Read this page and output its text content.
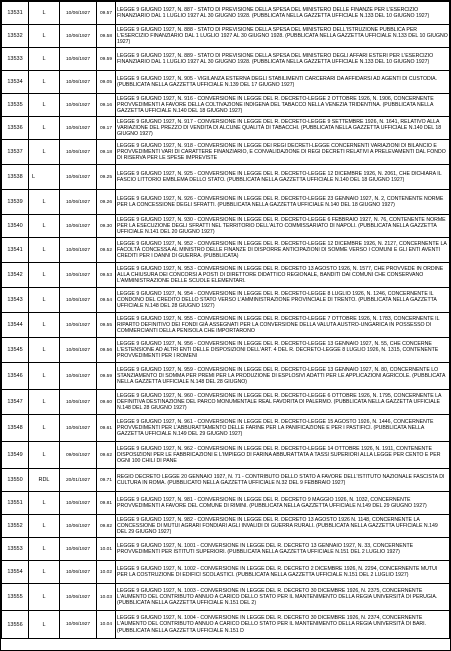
13531	L	10/06/1927	09.57	LEGGE 9 GIUGNO 1927, N. 887 - STATO DI PREVISIONE DELLA SPESA DEL MINISTERO DELLE FINANZE PER L'ESERCIZIO FINANZIARIO DAL 1 LUGLIO 1927 AL 30 GIUGNO 1928. (PUBBLICATA NELLA GAZZETTA UFFICIALE N.133 DEL 10 GIUGNO 1927)
13532	L	10/06/1927	09.58	LEGGE 9 GIUGNO 1927, N. 888 - STATO DI PREVISIONE DELLA SPESA DEL MINISTERO DELL'ISTRUZIONE PUBBLICA PER L'ESERCIZIO FINANZIARIO DAL 1 LUGLIO 1927 AL 30 GIUGNO 1928. (PUBBLICATA NELLA GAZZETTA UFFICIALE N.133 DEL 10 GIUGNO 1927)
13533	L	10/06/1927	09.59	LEGGE 9 GIUGNO 1927, N. 889 - STATO DI PREVISIONE DELLA SPESA DEL MINISTERO DEGLI AFFARI ESTERI PER L'ESERCIZIO FINANZIARIO DAL 1 LUGLIO 1927 AL 30 GIUGNO 1928. (PUBBLICATA NELLA GAZZETTA UFFICIALE N.133 DEL 10 GIUGNO 1927)
13534	L	10/06/1927	09.05	LEGGE 9 GIUGNO 1927, N. 905 - VIGILANZA ESTERNA DEGLI STABILIMENTI CARCERARI DA AFFIDARSI AD AGENTI DI CUSTODIA. (PUBBLICATA NELLA GAZZETTA UFFICIALE N.139 DEL 17 GIUGNO 1927)
13535	L	10/06/1927	09.16	LEGGE 9 GIUGNO 1927, N. 916 - CONVERSIONE IN LEGGE DEL R. DECRETO-LEGGE 2 OTTOBRE 1926, N. 1906, CONCERNENTE PROVVEDIMENTI A FAVORE DELLA COLTIVAZIONE INDIGENA DEL TABACCO NELLA VENEZIA TRIDENTINA. (PUBBLICATA NELLA GAZZETTA UFFICIALE N.140 DEL 18 GIUGNO 1927)
13536	L	10/06/1927	09.17	LEGGE 9 GIUGNO 1927, N. 917 - CONVERSIONE IN LEGGE DEL R. DECRETO-LEGGE 9 SETTEMBRE 1926, N. 1641, RELATIVO ALLA VARIAZIONE DEL PREZZO DI VENDITA DI ALCUNE QUALITÀ DI TABACCHI. (PUBBLICATA NELLA GAZZETTA UFFICIALE N.140 DEL 18 GIUGNO 1927)
13537	L	10/06/1927	09.18	LEGGE 9 GIUGNO 1927, N. 918 - CONVERSIONE IN LEGGE DEI REGI DECRETI-LEGGE CONCERNENTI VARIAZIONI DI BILANCIO E PROVVEDIMENTI VARI DI CARATTERE FINANZIARIO, E CONVALIDAZIONE DI REGI DECRETI RELATIVI A PRELEVAMENTI DAL FONDO DI RISERVA PER LE SPESE IMPREVISTE
13538	L	10/06/1927	09.25	LEGGE 9 GIUGNO 1927, N. 925 - CONVERSIONE IN LEGGE DEL R. DECRETO-LEGGE 12 DICEMBRE 1926, N. 2061, CHE DICHIARA IL FASCIO LITTORIO EMBLEMA DELLO STATO. (PUBBLICATA NELLA GAZZETTA UFFICIALE N.140 DEL 18 GIUGNO 1927)
13539	L	10/06/1927	09.26	LEGGE 9 GIUGNO 1927, N. 926 - CONVERSIONE IN LEGGE DEL R. DECRETO-LEGGE 23 GENNAIO 1927, N. 2, CONTENENTE NORME PER LA CONCESSIONE DEGLI SFRATTI. (PUBBLICATA NELLA GAZZETTA UFFICIALE N.140 DEL 18 GIUGNO 1927)
13540	L	10/06/1927	09.30	LEGGE 9 GIUGNO 1927, N. 930 - CONVERSIONE IN LEGGE DEL R. DECRETO-LEGGE 6 FEBBRAIO 1927, N. 76, CONTENENTE NORME PER LA ESECUZIONE DEGLI SFRATTI NEL TERRITORIO DELL'ALTO COMMISSARIATO DI NAPOLI. (PUBBLICATA NELLA GAZZETTA UFFICIALE N.141 DEL 20 GIUGNO 1927)
13541	L	10/06/1927	09.52	LEGGE 9 GIUGNO 1927, N. 952 - CONVERSIONE IN LEGGE DEL R. DECRETO-LEGGE 12 DICEMBRE 1926, N. 2127, CONCERNENTE LA FACOLTÀ CONCESSA AL MINISTRO DELLE FINANZE DI DISPORRE ANTICIPAZIONI DI SOMME VERSO I COMUNI E GLI ENTI AVENTI CREDITI PER I DANNI DI GUERRA. (PUBBLICATA)
13542	L	10/06/1927	09.53	LEGGE 9 GIUGNO 1927, N. 953 - CONVERSIONE IN LEGGE DEL R. DECRETO 13 AGOSTO 1926, N. 1577, CHE PROVVEDE IN ORDINE ALLA CHIUSURA DEI CONCORSI A POSTI DI DIRETTORE DIDATTICO REGIONALE, BANDITI DAI COMUNI CHE CONSERVANO L'AMMINISTRAZIONE DELLE SCUOLE ELEMENTARI.
13543	L	10/06/1927	09.54	LEGGE 9 GIUGNO 1927, N. 954 - CONVERSIONE IN LEGGE DEL R. DECRETO-LEGGE 8 LUGLIO 1926, N. 1246, CONCERNENTE IL CONDONO DEL CREDITO DELLO STATO VERSO L'AMMINISTRAZIONE PROVINCIALE DI TRENTO. (PUBBLICATA NELLA GAZZETTA UFFICIALE N.148 DEL 28 GIUGNO 1927)
13544	L	10/06/1927	09.55	LEGGE 9 GIUGNO 1927, N. 955 - CONVERSIONE IN LEGGE DEL R. DECRETO-LEGGE 7 OTTOBRE 1926, N. 1783, CONCERNENTE IL RIPARTO DEFINITIVO DEI FONDI GIÀ ASSEGNATI PER LA CONVERSIONE DELLA VALUTA AUSTRO-UNGARICA IN POSSESSO DI COMMERCIANTI DELLA PENISOLA CHE IMPORTARONO
13545	L	10/06/1927	09.56	LEGGE 9 GIUGNO 1927, N. 956 - CONVERSIONE IN LEGGE DEL R. DECRETO-LEGGE 13 GENNAIO 1927, N. 55, CHE CONCERNE L'ESTENSIONE AD ALTRI ENTI DELLE DISPOSIZIONI DELL'ART. 4 DEL R. DECRETO-LEGGE 8 LUGLIO 1926, N. 1315, CONTENENTE PROVVEDIMENTI PER I ROMENI
13546	L	10/06/1927	09.59	LEGGE 9 GIUGNO 1927, N. 959 - CONVERSIONE IN LEGGE DEL R. DECRETO-LEGGE 13 GENNAIO 1927, N. 80, CONCERNENTE LO STANZIAMENTO DI SOMMA PER PREMI PER LA PRODUZIONE DI ESPLOSIVI ADATTI PER LE APPLICAZIONI AGRICOLE. (PUBBLICATA NELLA GAZZETTA UFFICIALE N.148 DEL 28 GIUGNO)
13547	L	10/06/1927	09.60	LEGGE 9 GIUGNO 1927, N. 960 - CONVERSIONE IN LEGGE DEL R. DECRETO-LEGGE 6 OTTOBRE 1926, N. 1795, CONCERNENTE LA DEFINITIVA DESTINAZIONE DEL PARCO MONUMENTALE REAL FAVORITA DI PALERMO. (PUBBLICATA NELLA GAZZETTA UFFICIALE N.148 DEL 28 GIUGNO 1927)
13548	L	10/06/1927	09.61	LEGGE 9 GIUGNO 1927, N. 961 - CONVERSIONE IN LEGGE DEL R. DECRETO-LEGGE 15 AGOSTO 1926, N. 1446, CONCERNENTE PROVVEDIMENTI PER L'ABBURATTAMENTO DELLE FARINE PER LA PANIFICAZIONE E PER I PASTIFICI. (PUBBLICATA NELLA GAZZETTA UFFICIALE N.149 DEL 29 GIUGNO 1927)
13549	L	09/06/1927	09.62	LEGGE 9 GIUGNO 1927, N. 962 - CONVERSIONE IN LEGGE DEL R. DECRETO-LEGGE 14 OTTOBRE 1926, N. 1911, CONTENENTE DISPOSIZIONI PER LE FABBRICAZIONI E L'IMPIEGO DI FARINA ABBURATTATA A TASSI SUPERIORI ALLA LEGGE PER CENTO E PER OGNI 100 CHILI DI PANE
13550	RDL	20/01/1927	09.71	REGIO DECRETO LEGGE 20 GENNAIO 1927, N. 71 - CONTRIBUTO DELLO STATO A FAVORE DELL'ISTITUTO NAZIONALE FASCISTA DI CULTURA IN ROMA. (PUBBLICATO NELLA GAZZETTA UFFICIALE N.32 DEL 9 FEBBRAIO 1927)
13551	L	10/06/1927	09.81	LEGGE 9 GIUGNO 1927, N. 981 - CONVERSIONE IN LEGGE DEL R. DECRETO 9 MAGGIO 1926, N. 1032, CONCERNENTE PROVVEDIMENTI A FAVORE DEL COMUNE DI RIMINI. (PUBBLICATA NELLA GAZZETTA UFFICIALE N.149 DEL 29 GIUGNO 1927)
13552	L	10/06/1927	09.82	LEGGE 9 GIUGNO 1927, N. 982 - CONVERSIONE IN LEGGE DEL R. DECRETO 13 AGOSTO 1926 N. 1148, CONCERNENTE LA CONCESSIONE DI MUTUI AGRARI FONDIARI AGLI INVALIDI DI GUERRA RURALI. (PUBBLICATA NELLA GAZZETTA UFFICIALE N.149 DEL 29 GIUGNO 1927)
13553	L	10/06/1927	10.01	LEGGE 9 GIUGNO 1927, N. 1001 - CONVERSIONE IN LEGGE DEL R. DECRETO 13 GENNAIO 1927, N. 33, CONCERNENTE PROVVEDIMENTI PER ISTITUTI SUPERIORI. (PUBBLICATA NELLA GAZZETTA UFFICIALE N.151 DEL 2 LUGLIO 1927)
13554	L	10/06/1927	10.02	LEGGE 9 GIUGNO 1927, N. 1002 - CONVERSIONE IN LEGGE DEL R. DECRETO 2 DICEMBRE 1926, N. 2294, CONCERNENTE MUTUI PER LA COSTRUZIONE DI EDIFICI SCOLASTICI. (PUBBLICATA NELLA GAZZETTA UFFICIALE N.151 DEL 2 LUGLIO 1927)
13555	L	10/06/1927	10.03	LEGGE 9 GIUGNO 1927, N. 1003 - CONVERSIONE IN LEGGE DEL R. DECRETO 30 DICEMBRE 1926, N. 2375, CONCERNENTE L'AUMENTO DEL CONTRIBUTO ANNUO A CARICO DELLO STATO PER IL MANTENIMENTO DELLA REGIA UNIVERSITÀ DI PERUGIA. (PUBBLICATA NELLA GAZZETTA UFFICIALE N.151 DEL 2)
13556	L	10/06/1927	10.04	LEGGE 9 GIUGNO 1927, N. 1004 - CONVERSIONE IN LEGGE DEL R. DECRETO 30 DICEMBRE 1926, N. 2374, CONCERNENTE L'AUMENTO DEL CONTRIBUTO ANNUO A CARICO DELLO STATO PER IL MANTENIMENTO DELLA REGIA UNIVERSITÀ DI BARI. (PUBBLICATA NELLA GAZZETTA UFFICIALE N.151 D
